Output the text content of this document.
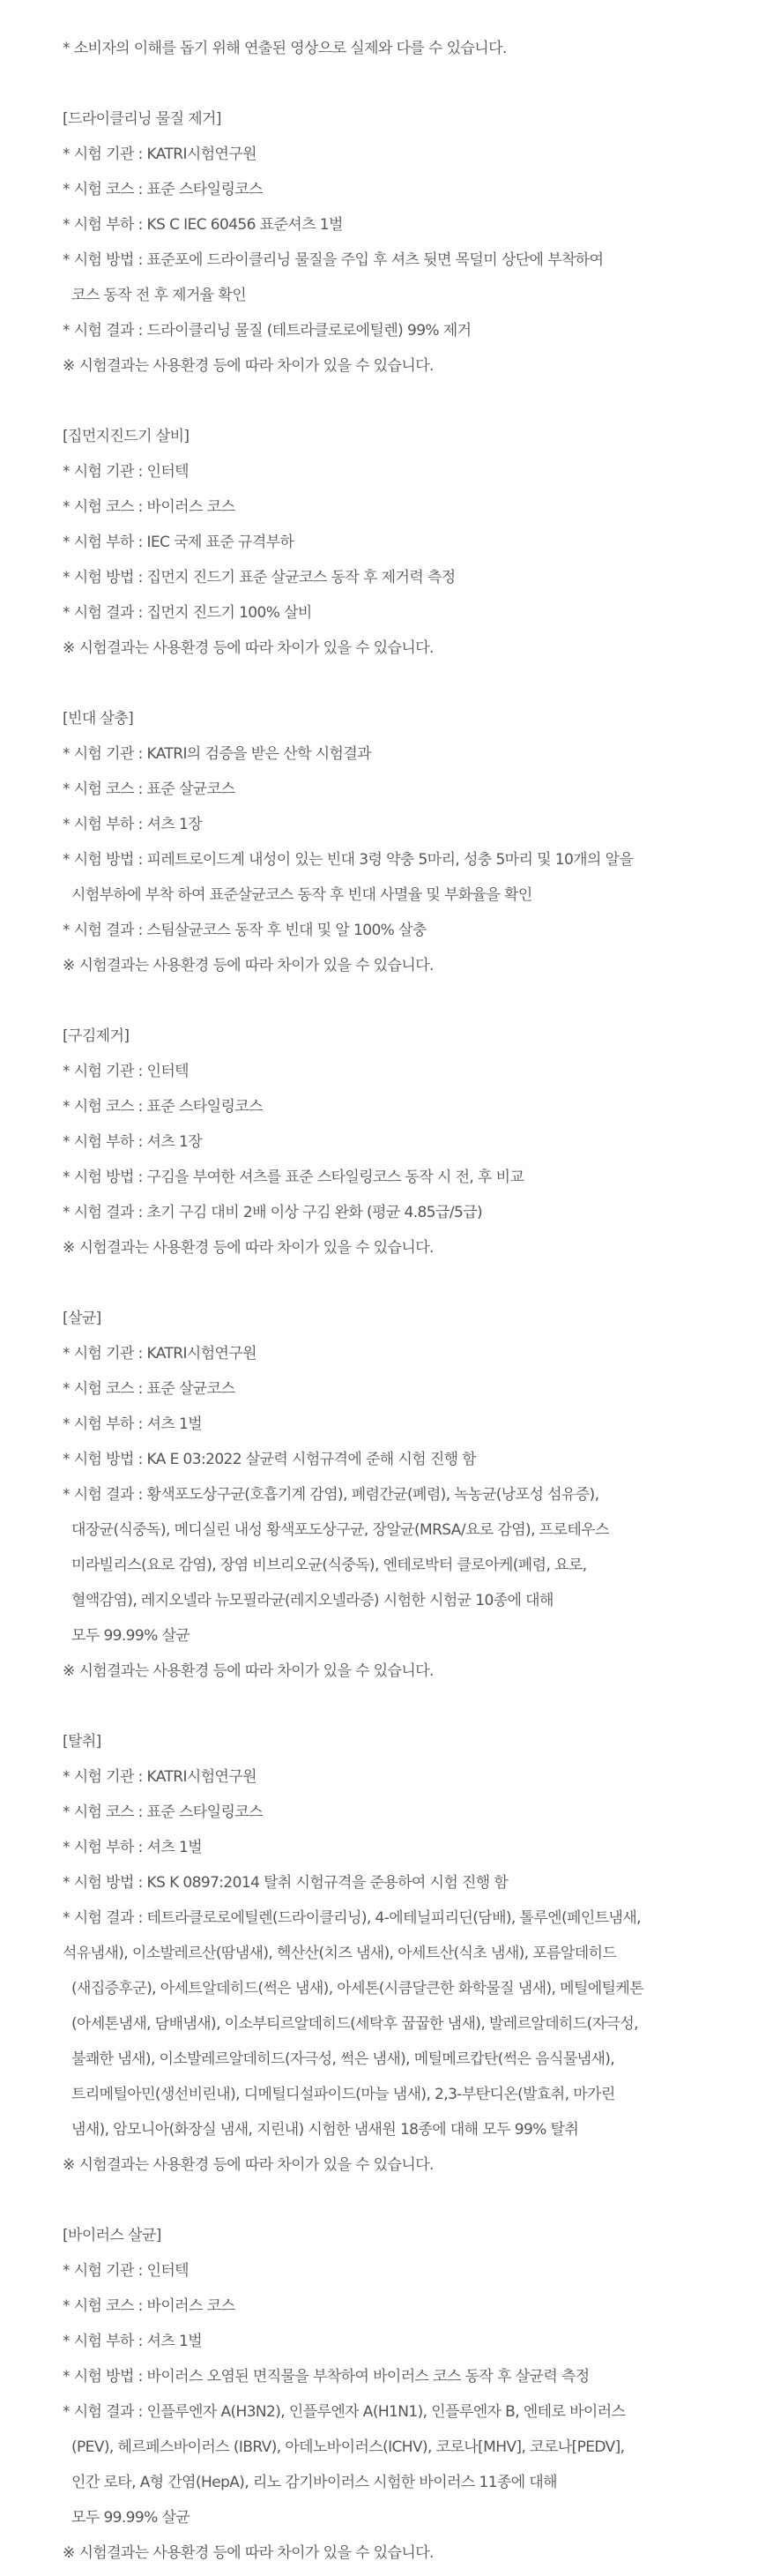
* 소비자의 이해를 돕기 위해 연출된 영상으로 실제와 다를 수 있습니다.
[드라이클리닝 물질 제거]
* 시험 기관 : KATRI시험연구원
* 시험 코스 : 표준 스타일링코스
* 시험 부하 : KS C IEC 60456 표준셔츠 1벌
* 시험 방법 : 표준포에 드라이클리닝 물질을 주입 후 셔츠 뒷면 목덜미 상단에 부착하여
코스 동작 전 후 제거율 확인
* 시험 결과 : 드라이클리닝 물질 (테트라클로로에틸렌) 99% 제거
※ 시험결과는 사용환경 등에 따라 차이가 있을 수 있습니다.
[집먼지진드기 살비]
* 시험 기관 : 인터텍
* 시험 코스 : 바이러스 코스
* 시험 부하 : IEC 국제 표준 규격부하
* 시험 방법 : 집먼지 진드기 표준 살균코스 동작 후 제거력 측정
* 시험 결과 : 집먼지 진드기 100% 살비
※ 시험결과는 사용환경 등에 따라 차이가 있을 수 있습니다.
[빈대 살충]
* 시험 기관 : KATRI의 검증을 받은 산학 시험결과
* 시험 코스 : 표준 살균코스
* 시험 부하 : 셔츠 1장
* 시험 방법 : 피레트로이드계 내성이 있는 빈대 3령 약충 5마리, 성충 5마리 및 10개의 알을
시험부하에 부착 하여 표준살균코스 동작 후 빈대 사멸율 및 부화율을 확인
* 시험 결과 : 스팀살균코스 동작 후 빈대 및 알 100% 살충
※ 시험결과는 사용환경 등에 따라 차이가 있을 수 있습니다.
[구김제거]
* 시험 기관 : 인터텍
* 시험 코스 : 표준 스타일링코스
* 시험 부하 : 셔츠 1장
* 시험 방법 : 구김을 부여한 셔츠를 표준 스타일링코스 동작 시 전, 후 비교
* 시험 결과 : 초기 구김 대비 2배 이상 구김 완화 (평균 4.85급/5급)
※ 시험결과는 사용환경 등에 따라 차이가 있을 수 있습니다.
[살균]
* 시험 기관 : KATRI시험연구원
* 시험 코스 : 표준 살균코스
* 시험 부하 : 셔츠 1벌
* 시험 방법 : KA E 03:2022 살균력 시험규격에 준해 시험 진행 함
* 시험 결과 : 황색포도상구균(호흡기계 감염), 폐렴간균(폐렴), 녹농균(낭포성 섬유증),
대장균(식중독), 메디실린 내성 황색포도상구균, 장알균(MRSA/요로 감염), 프로테우스
미라빌리스(요로 감염), 장염 비브리오균(식중독), 엔테로박터 클로아케(폐렴, 요로,
혈액감염), 레지오넬라 뉴모필라균(레지오넬라증) 시험한 시험균 10종에 대해
모두 99.99% 살균
※ 시험결과는 사용환경 등에 따라 차이가 있을 수 있습니다.
[탈취]
* 시험 기관 : KATRI시험연구원
* 시험 코스 : 표준 스타일링코스
* 시험 부하 : 셔츠 1벌
* 시험 방법 : KS K 0897:2014 탈취 시험규격을 준용하여 시험 진행 함
* 시험 결과 : 테트라클로로에틸렌(드라이클리닝), 4-에테닐피리딘(담배), 톨루엔(페인트냄새,
석유냄새), 이소발레르산(땀냄새), 헥산산(치즈 냄새), 아세트산(식초 냄새), 포름알데히드
(새집증후군), 아세트알데히드(썩은 냄새), 아세톤(시큼달큰한 화학물질 냄새), 메틸에틸케톤
(아세톤냄새, 담배냄새), 이소부티르알데히드(세탁후 꿉꿉한 냄새), 발레르알데히드(자극성,
불쾌한 냄새), 이소발레르알데히드(자극성, 썩은 냄새), 메틸메르캅탄(썩은 음식물냄새),
트리메틸아민(생선비린내), 디메틸디설파이드(마늘 냄새), 2,3-부탄디온(발효취, 마가린
냄새), 암모니아(화장실 냄새, 지린내) 시험한 냄새원 18종에 대해 모두 99% 탈취
※ 시험결과는 사용환경 등에 따라 차이가 있을 수 있습니다.
[바이러스 살균]
* 시험 기관 : 인터텍
* 시험 코스 : 바이러스 코스
* 시험 부하 : 셔츠 1벌
* 시험 방법 : 바이러스 오염된 면직물을 부착하여 바이러스 코스 동작 후 살균력 측정
* 시험 결과 : 인플루엔자 A(H3N2), 인플루엔자 A(H1N1), 인플루엔자 B, 엔테로 바이러스
(PEV), 헤르페스바이러스 (IBRV), 아데노바이러스(ICHV), 코로나[MHV], 코로나[PEDV],
인간 로타, A형 간염(HepA), 리노 감기바이러스 시험한 바이러스 11종에 대해
모두 99.99% 살균
※ 시험결과는 사용환경 등에 따라 차이가 있을 수 있습니다.
